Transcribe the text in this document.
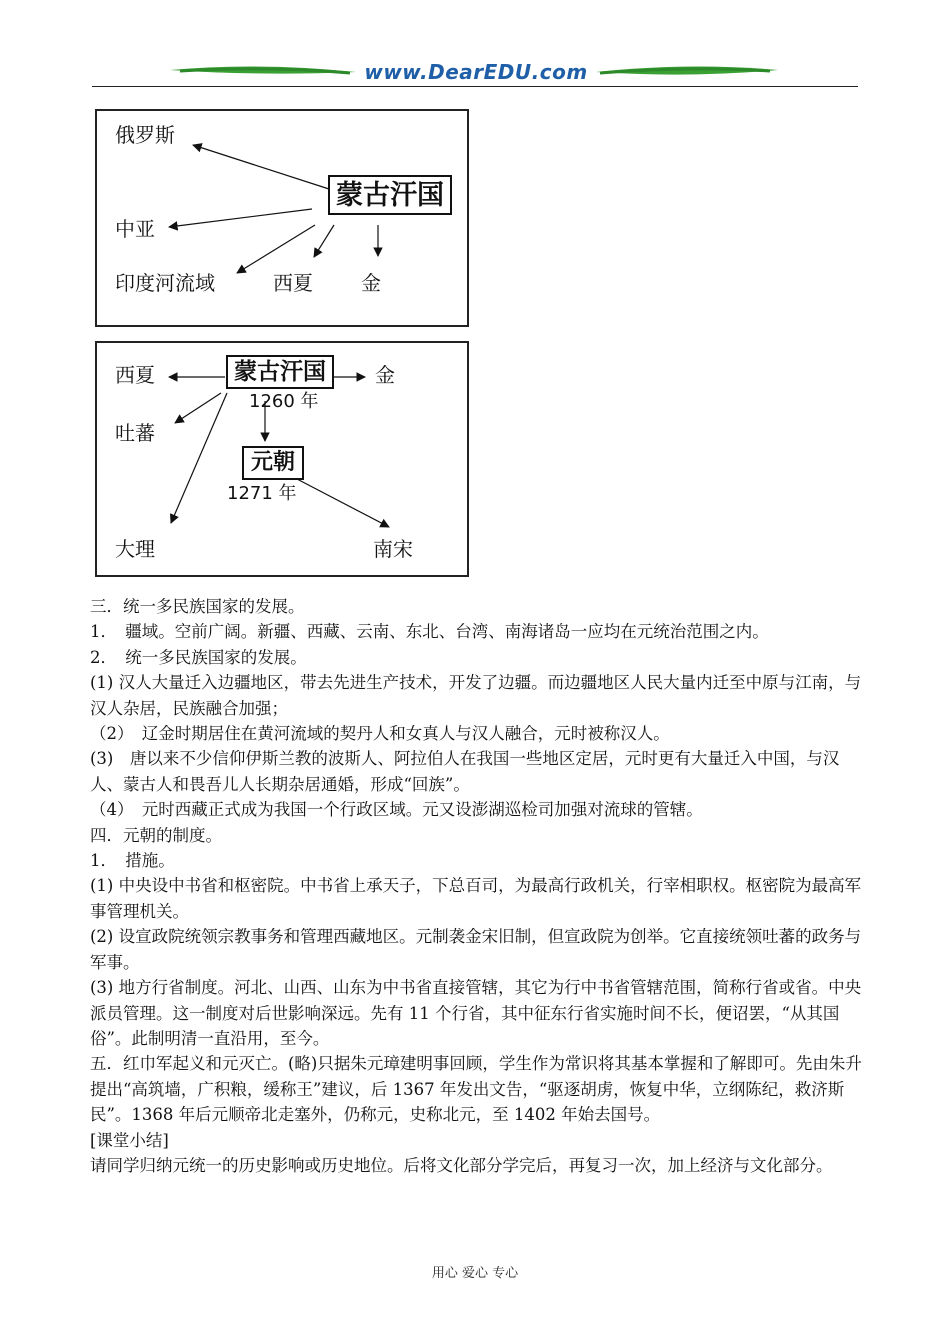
www.DearEDU.com
蒙古汗国
俄罗斯
中亚
印度河流域	西夏 金
蒙古汗国
西夏	金
1260 年
吐蕃
元朝
1271 年
大理	南宋

三．统一多民族国家的发展。

1．　疆域。空前广阔。新疆、西藏、云南、东北、台湾、南海诸岛一应均在元统治范围之内。

2．　统一多民族国家的发展。

(1) 汉人大量迁入边疆地区，带去先进生产技术，开发了边疆。而边疆地区人民大量内迁至中原与江南，与汉人杂居，民族融合加强；

（2）　辽金时期居住在黄河流域的契丹人和女真人与汉人融合，元时被称汉人。

(3)　唐以来不少信仰伊斯兰教的波斯人、阿拉伯人在我国一些地区定居，元时更有大量迁入中国，与汉人、蒙古人和畏吾儿人长期杂居通婚，形成“回族”。

（4）　元时西藏正式成为我国一个行政区域。元又设澎湖巡检司加强对流球的管辖。

四．元朝的制度。

1．　措施。

(1) 中央设中书省和枢密院。中书省上承天子，下总百司，为最高行政机关，行宰相职权。枢密院为最高军事管理机关。

(2) 设宣政院统领宗教事务和管理西藏地区。元制袭金宋旧制，但宣政院为创举。它直接统领吐蕃的政务与军事。

(3) 地方行省制度。河北、山西、山东为中书省直接管辖，其它为行中书省管辖范围，简称行省或省。中央派员管理。这一制度对后世影响深远。先有 11 个行省，其中征东行省实施时间不长，便诏罢，“从其国俗”。此制明清一直沿用，至今。

五．红巾军起义和元灭亡。(略)只据朱元璋建明事回顾，学生作为常识将其基本掌握和了解即可。先由朱升提出“高筑墙，广积粮，缓称王”建议，后 1367 年发出文告，“驱逐胡虏，恢复中华，立纲陈纪，救济斯民”。1368 年后元顺帝北走塞外，仍称元，史称北元，至 1402 年始去国号。

[课堂小结]

请同学归纳元统一的历史影响或历史地位。后将文化部分学完后，再复习一次，加上经济与文化部分。

用心 爱心 专心
